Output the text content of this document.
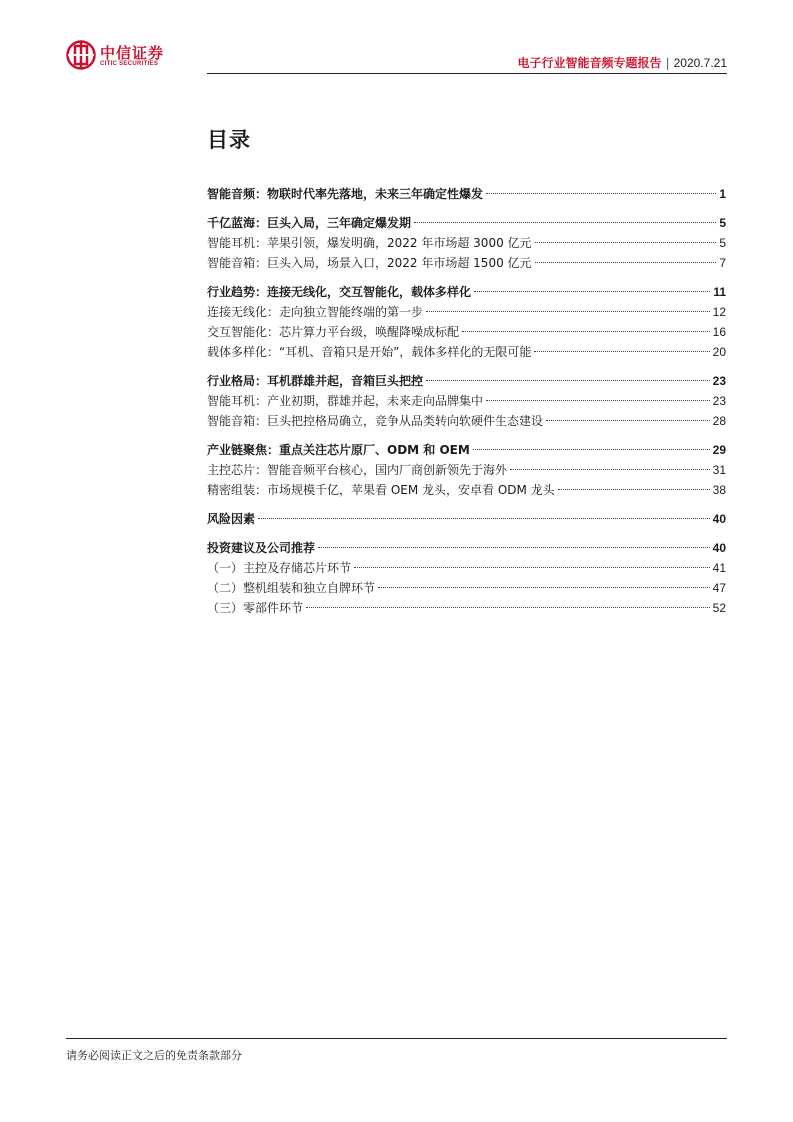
中信证券
CITIC SECURITIES	电子行业智能音频专题报告 | 2020.7.21
目录
智能音频：物联时代率先落地，未来三年确定性爆发	1
千亿蓝海：巨头入局，三年确定爆发期	5
智能耳机：苹果引领，爆发明确，2022 年市场超 3000 亿元	5
智能音箱：巨头入局，场景入口，2022 年市场超 1500 亿元	7
行业趋势：连接无线化，交互智能化，载体多样化	11
连接无线化：走向独立智能终端的第一步	12
交互智能化：芯片算力平台级，唤醒降噪成标配	16
载体多样化：“耳机、音箱只是开始”，载体多样化的无限可能	20
行业格局：耳机群雄并起，音箱巨头把控	23
智能耳机：产业初期，群雄并起，未来走向品牌集中	23
智能音箱：巨头把控格局确立，竞争从品类转向软硬件生态建设	28
产业链聚焦：重点关注芯片原厂、ODM 和 OEM	29
主控芯片：智能音频平台核心，国内厂商创新领先于海外	31
精密组装：市场规模千亿，苹果看 OEM 龙头，安卓看 ODM 龙头	38
风险因素	40
投资建议及公司推荐	40
（一）主控及存储芯片环节	41
（二）整机组装和独立自牌环节	47
（三）零部件环节	52
请务必阅读正文之后的免责条款部分
